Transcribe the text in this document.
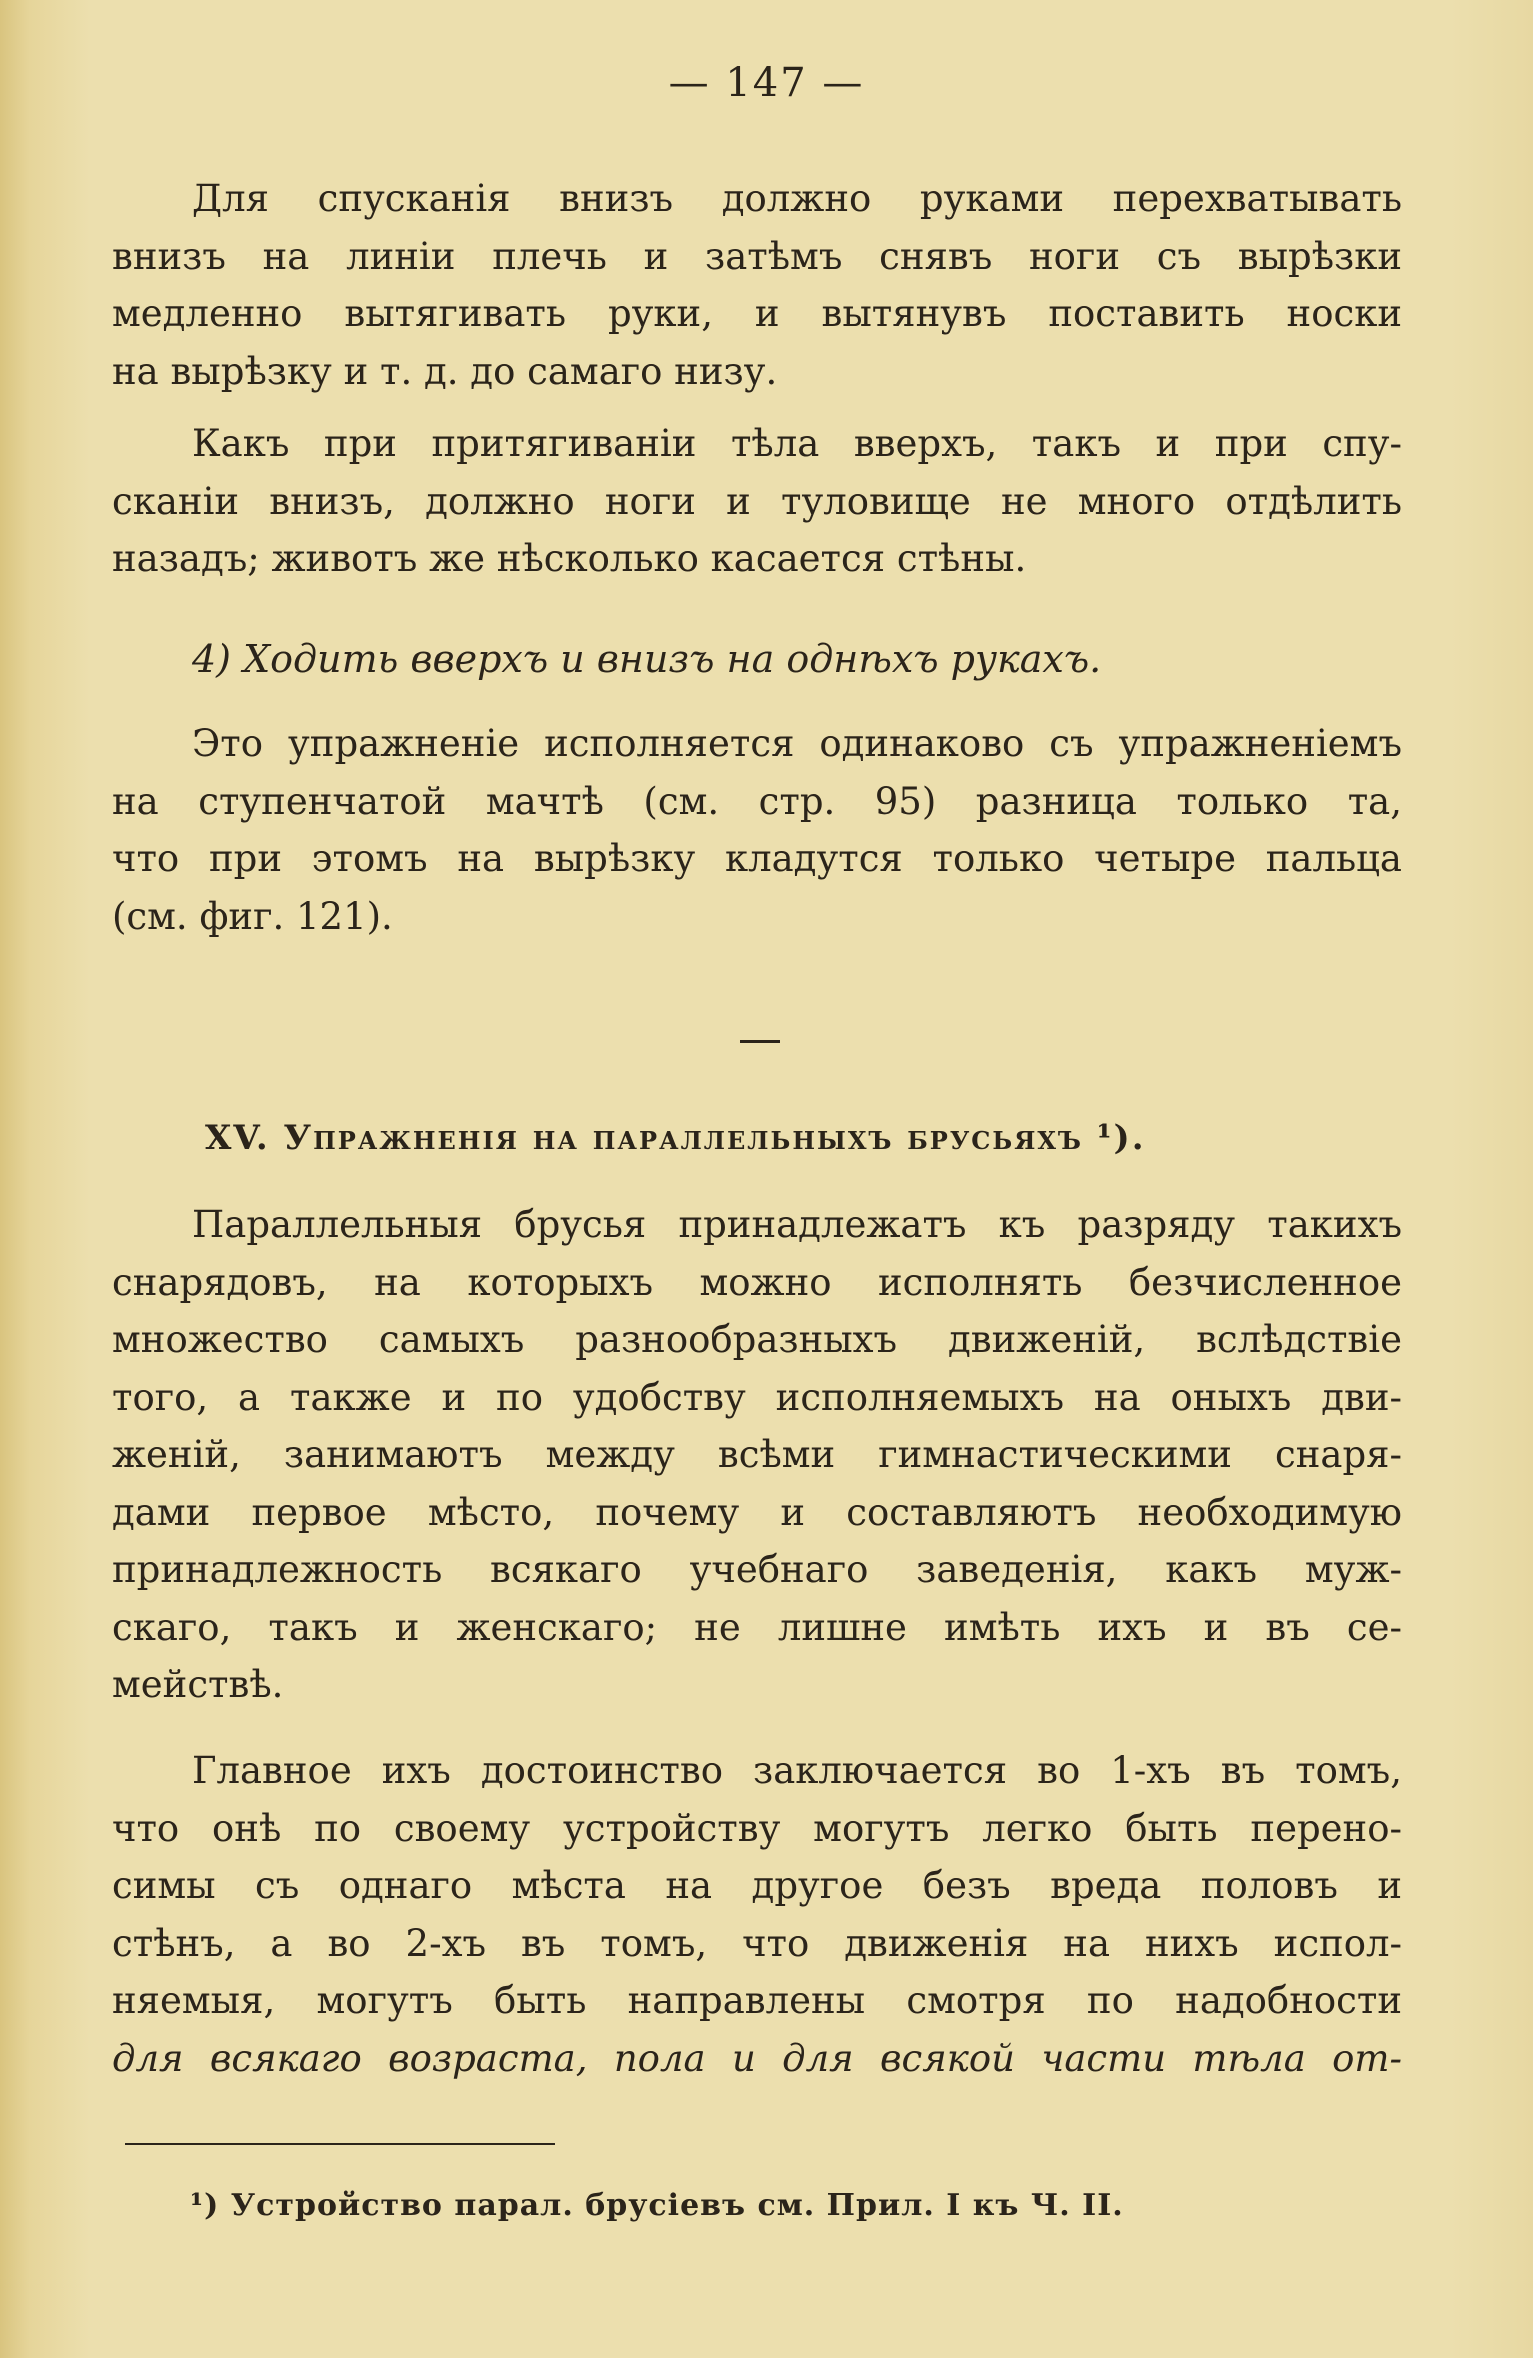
— 147 —

Для спусканія внизъ должно руками перехватывать

внизъ на линіи плечь и затѣмъ снявъ ноги съ вырѣзки

медленно вытягивать руки, и вытянувъ поставить носки

на вырѣзку и т. д. до самаго низу.

Какъ при притягиваніи тѣла вверхъ, такъ и при спу-

сканіи внизъ, должно ноги и туловище не много отдѣлить

назадъ; животъ же нѣсколько касается стѣны.

4) Ходить вверхъ и внизъ на однѣхъ рукахъ.

Это упражненіе исполняется одинаково съ упражненіемъ

на ступенчатой мачтѣ (см. стр. 95) разница только та,

что при этомъ на вырѣзку кладутся только четыре пальца

(см. фиг. 121).

XV. Упражненія на параллельныхъ брусьяхъ ¹).

Параллельныя брусья принадлежатъ къ разряду такихъ

снарядовъ, на которыхъ можно исполнять безчисленное

множество самыхъ разнообразныхъ движеній, вслѣдствіе

того, а также и по удобству исполняемыхъ на оныхъ дви-

женій, занимаютъ между всѣми гимнастическими снаря-

дами первое мѣсто, почему и составляютъ необходимую

принадлежность всякаго учебнаго заведенія, какъ муж-

скаго, такъ и женскаго; не лишне имѣть ихъ и въ се-

мействѣ.

Главное ихъ достоинство заключается во 1-хъ въ томъ,

что онѣ по своему устройству могутъ легко быть перено-

симы съ однаго мѣста на другое безъ вреда половъ и

стѣнъ, а во 2-хъ въ томъ, что движенія на нихъ испол-

няемыя, могутъ быть направлены смотря по надобности

для всякаго возраста, пола и для всякой части тѣла от-

¹) Устройство парал. брусіевъ см. Прил. I къ Ч. II.
